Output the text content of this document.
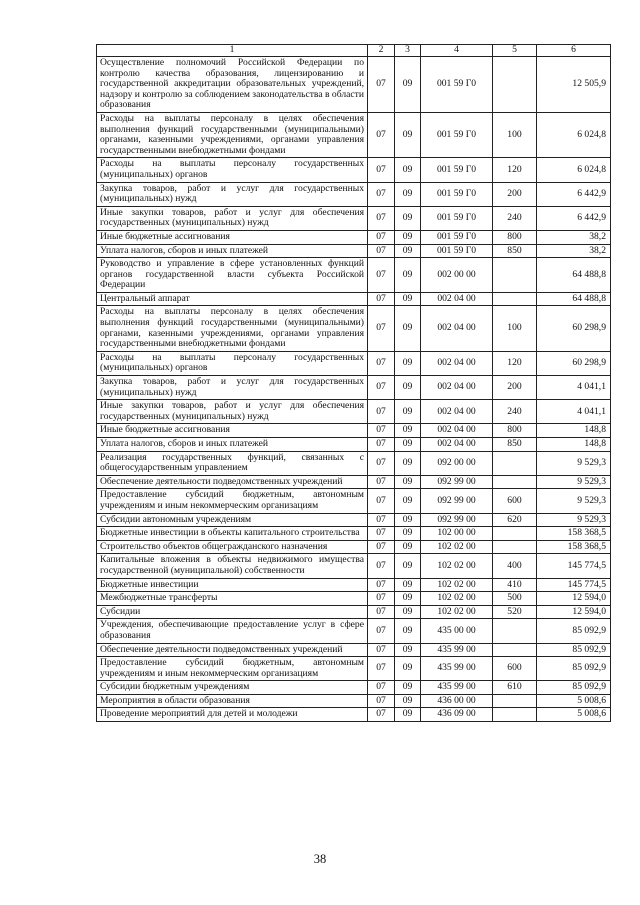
1	2	3	4	5	6
Осуществление полномочий Российской Федерации по контролю качества образования, лицензированию и государственной аккредитации образовательных учреждений, надзору и контролю за соблюдением законодательства в области образования	07	09	001 59 Г0		12 505,9
Расходы на выплаты персоналу в целях обеспечения выполнения функций государственными (муниципальными) органами, казенными учреждениями, органами управления государственными внебюджетными фондами	07	09	001 59 Г0	100	6 024,8
Расходы на выплаты персоналу государственных (муниципальных) органов	07	09	001 59 Г0	120	6 024,8
Закупка товаров, работ и услуг для государственных (муниципальных) нужд	07	09	001 59 Г0	200	6 442,9
Иные закупки товаров, работ и услуг для обеспечения государственных (муниципальных) нужд	07	09	001 59 Г0	240	6 442,9
Иные бюджетные ассигнования	07	09	001 59 Г0	800	38,2
Уплата налогов, сборов и иных платежей	07	09	001 59 Г0	850	38,2
Руководство и управление в сфере установленных функций органов государственной власти субъекта Российской Федерации	07	09	002 00 00		64 488,8
Центральный аппарат	07	09	002 04 00		64 488,8
Расходы на выплаты персоналу в целях обеспечения выполнения функций государственными (муниципальными) органами, казенными учреждениями, органами управления государственными внебюджетными фондами	07	09	002 04 00	100	60 298,9
Расходы на выплаты персоналу государственных (муниципальных) органов	07	09	002 04 00	120	60 298,9
Закупка товаров, работ и услуг для государственных (муниципальных) нужд	07	09	002 04 00	200	4 041,1
Иные закупки товаров, работ и услуг для обеспечения государственных (муниципальных) нужд	07	09	002 04 00	240	4 041,1
Иные бюджетные ассигнования	07	09	002 04 00	800	148,8
Уплата налогов, сборов и иных платежей	07	09	002 04 00	850	148,8
Реализация государственных функций, связанных с общегосударственным управлением	07	09	092 00 00		9 529,3
Обеспечение деятельности подведомственных учреждений	07	09	092 99 00		9 529,3
Предоставление субсидий бюджетным, автономным учреждениям и иным некоммерческим организациям	07	09	092 99 00	600	9 529,3
Субсидии автономным учреждениям	07	09	092 99 00	620	9 529,3
Бюджетные инвестиции в объекты капитального строительства	07	09	102 00 00		158 368,5
Строительство объектов общегражданского назначения	07	09	102 02 00		158 368,5
Капитальные вложения в объекты недвижимого имущества государственной (муниципальной) собственности	07	09	102 02 00	400	145 774,5
Бюджетные инвестиции	07	09	102 02 00	410	145 774,5
Межбюджетные трансферты	07	09	102 02 00	500	12 594,0
Субсидии	07	09	102 02 00	520	12 594,0
Учреждения, обеспечивающие предоставление услуг в сфере образования	07	09	435 00 00		85 092,9
Обеспечение деятельности подведомственных учреждений	07	09	435 99 00		85 092,9
Предоставление субсидий бюджетным, автономным учреждениям и иным некоммерческим организациям	07	09	435 99 00	600	85 092,9
Субсидии бюджетным учреждениям	07	09	435 99 00	610	85 092,9
Мероприятия в области образования	07	09	436 00 00		5 008,6
Проведение мероприятий для детей и молодежи	07	09	436 09 00		5 008,6
38
